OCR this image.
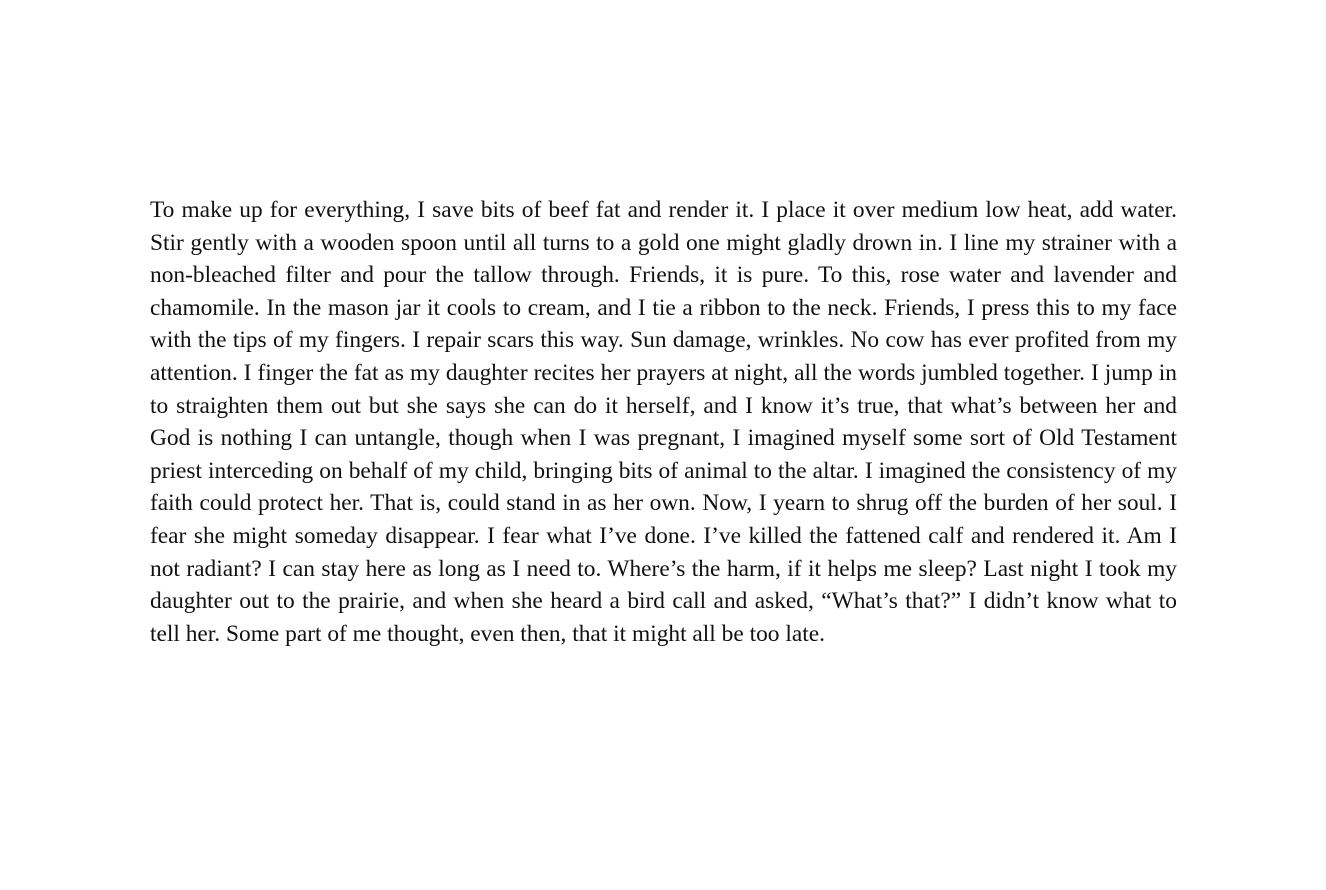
To make up for everything, I save bits of beef fat and render it. I place it over medium low heat, add water. Stir gently with a wooden spoon until all turns to a gold one might gladly drown in. I line my strainer with a non-bleached filter and pour the tallow through. Friends, it is pure. To this, rose water and lavender and chamomile. In the mason jar it cools to cream, and I tie a ribbon to the neck. Friends, I press this to my face with the tips of my fingers. I repair scars this way. Sun damage, wrinkles. No cow has ever profited from my attention. I finger the fat as my daughter recites her prayers at night, all the words jumbled together. I jump in to straighten them out but she says she can do it herself, and I know it’s true, that what’s between her and God is nothing I can untangle, though when I was pregnant, I imagined myself some sort of Old Testament priest interceding on behalf of my child, bringing bits of animal to the altar. I imagined the consistency of my faith could protect her. That is, could stand in as her own. Now, I yearn to shrug off the burden of her soul. I fear she might someday disappear. I fear what I’ve done. I’ve killed the fattened calf and rendered it. Am I not radiant? I can stay here as long as I need to. Where’s the harm, if it helps me sleep? Last night I took my daughter out to the prairie, and when she heard a bird call and asked, “What’s that?” I didn’t know what to tell her. Some part of me thought, even then, that it might all be too late.
